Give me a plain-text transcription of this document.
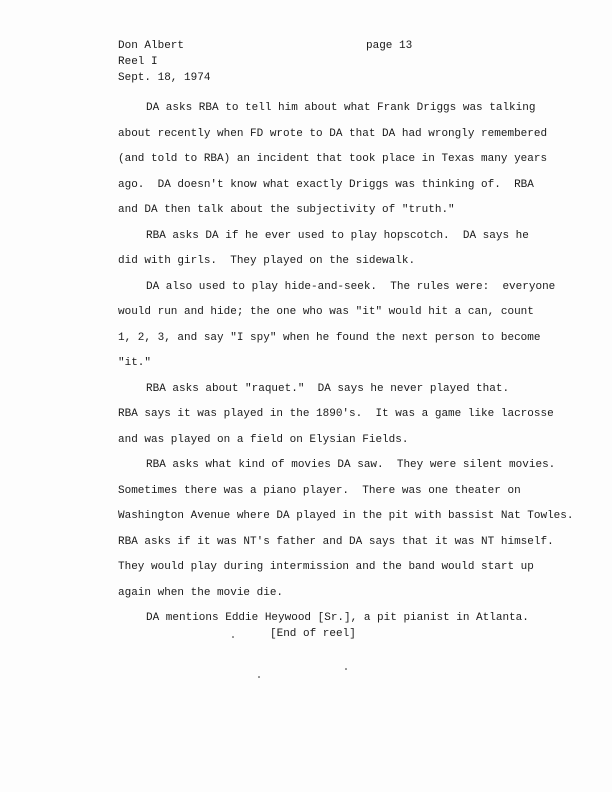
Don Albert
Reel I
Sept. 18, 1974
page 13
DA asks RBA to tell him about what Frank Driggs was talking
about recently when FD wrote to DA that DA had wrongly remembered
(and told to RBA) an incident that took place in Texas many years
ago.  DA doesn't know what exactly Driggs was thinking of.  RBA
and DA then talk about the subjectivity of "truth."
RBA asks DA if he ever used to play hopscotch.  DA says he
did with girls.  They played on the sidewalk.
DA also used to play hide-and-seek.  The rules were:  everyone
would run and hide; the one who was "it" would hit a can, count
1, 2, 3, and say "I spy" when he found the next person to become
"it."
RBA asks about "raquet."  DA says he never played that.
RBA says it was played in the 1890's.  It was a game like lacrosse
and was played on a field on Elysian Fields.
RBA asks what kind of movies DA saw.  They were silent movies.
Sometimes there was a piano player.  There was one theater on
Washington Avenue where DA played in the pit with bassist Nat Towles.
RBA asks if it was NT's father and DA says that it was NT himself.
They would play during intermission and the band would start up
again when the movie die.
DA mentions Eddie Heywood [Sr.], a pit pianist in Atlanta.
[End of reel]
